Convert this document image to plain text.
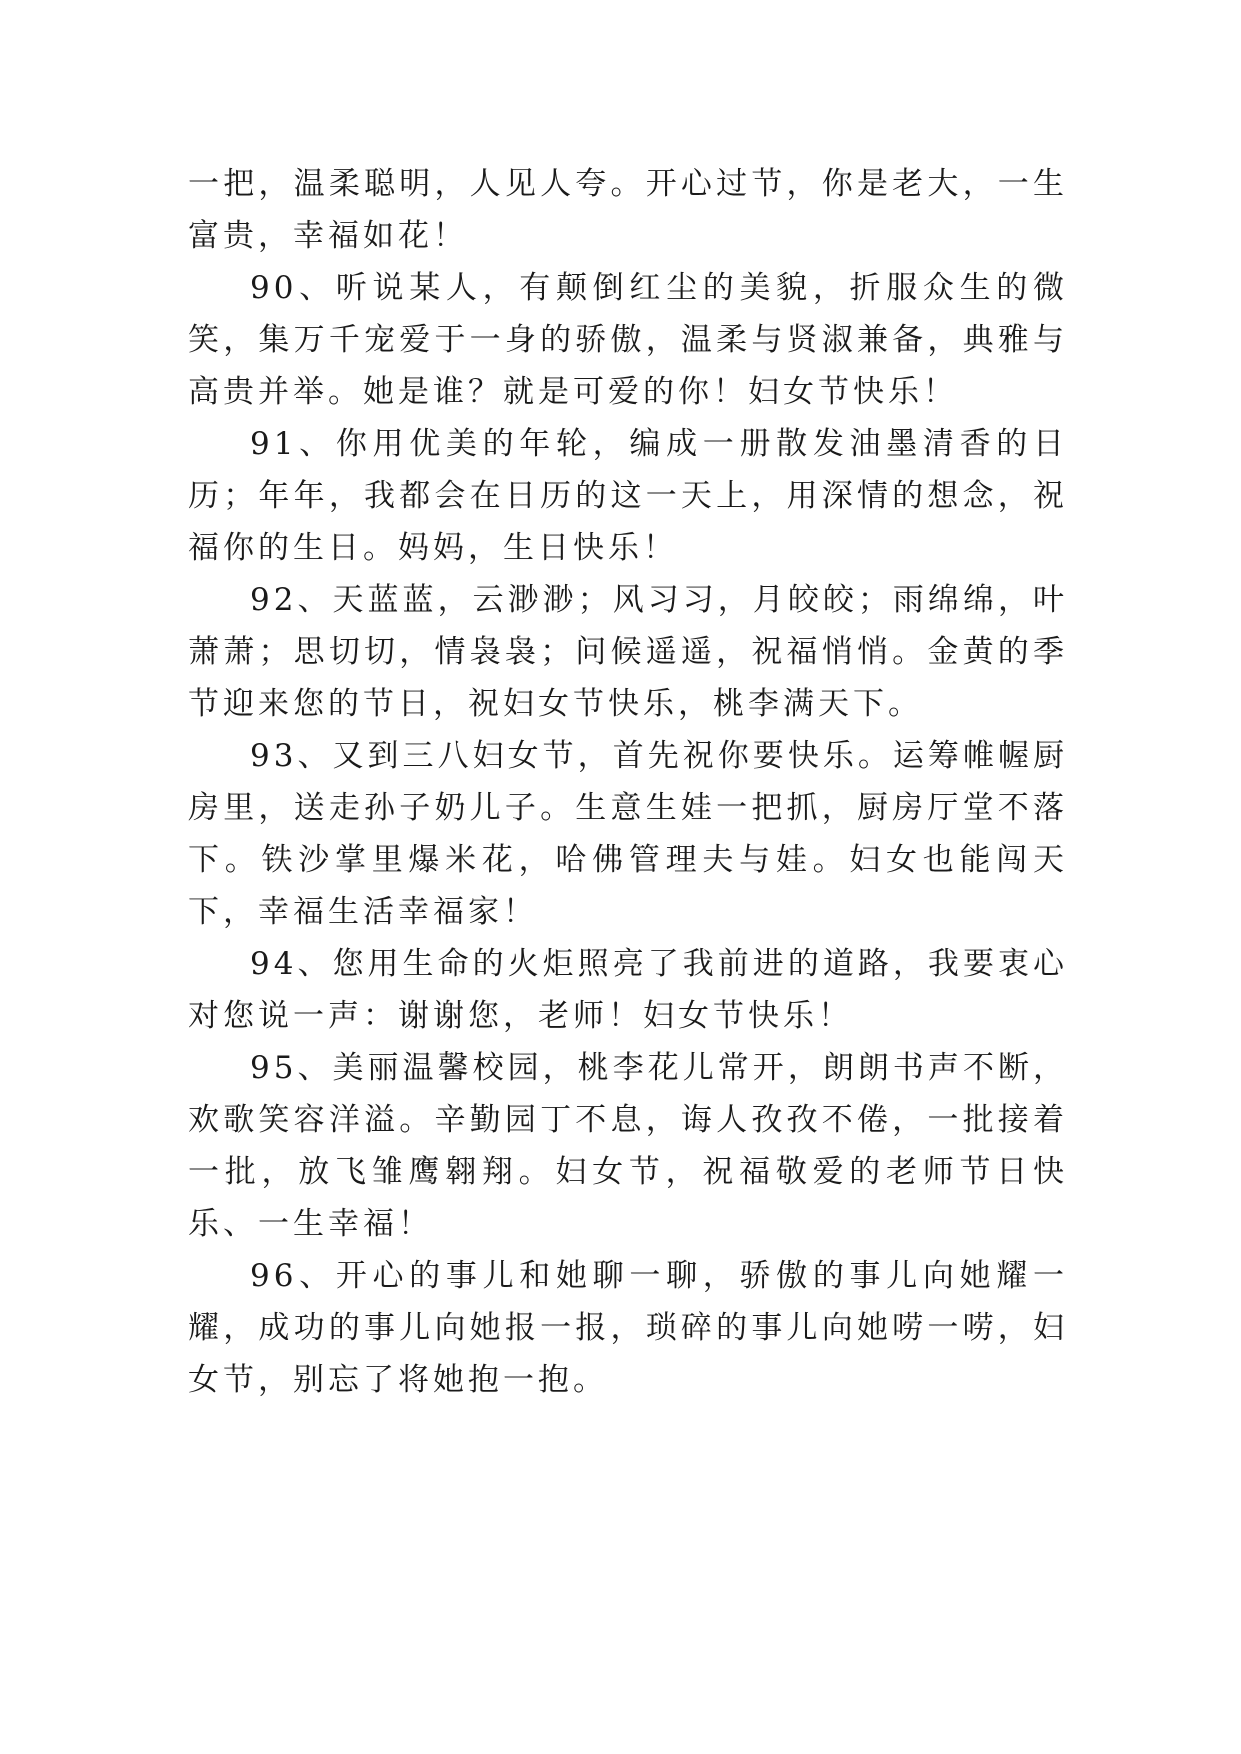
一把，温柔聪明，人见人夸。开心过节，你是老大，一生富贵，幸福如花！

90、听说某人，有颠倒红尘的美貌，折服众生的微笑，集万千宠爱于一身的骄傲，温柔与贤淑兼备，典雅与高贵并举。她是谁？就是可爱的你！妇女节快乐！

91、你用优美的年轮，编成一册散发油墨清香的日历；年年，我都会在日历的这一天上，用深情的想念，祝福你的生日。妈妈，生日快乐！

92、天蓝蓝，云渺渺；风习习，月皎皎；雨绵绵，叶萧萧；思切切，情袅袅；问候遥遥，祝福悄悄。金黄的季节迎来您的节日，祝妇女节快乐，桃李满天下。

93、又到三八妇女节，首先祝你要快乐。运筹帷幄厨房里，送走孙子奶儿子。生意生娃一把抓，厨房厅堂不落下。铁沙掌里爆米花，哈佛管理夫与娃。妇女也能闯天下，幸福生活幸福家！

94、您用生命的火炬照亮了我前进的道路，我要衷心对您说一声：谢谢您，老师！妇女节快乐！

95、美丽温馨校园，桃李花儿常开，朗朗书声不断，欢歌笑容洋溢。辛勤园丁不息，诲人孜孜不倦，一批接着一批，放飞雏鹰翱翔。妇女节，祝福敬爱的老师节日快乐、一生幸福！

96、开心的事儿和她聊一聊，骄傲的事儿向她耀一耀，成功的事儿向她报一报，琐碎的事儿向她唠一唠，妇女节，别忘了将她抱一抱。
